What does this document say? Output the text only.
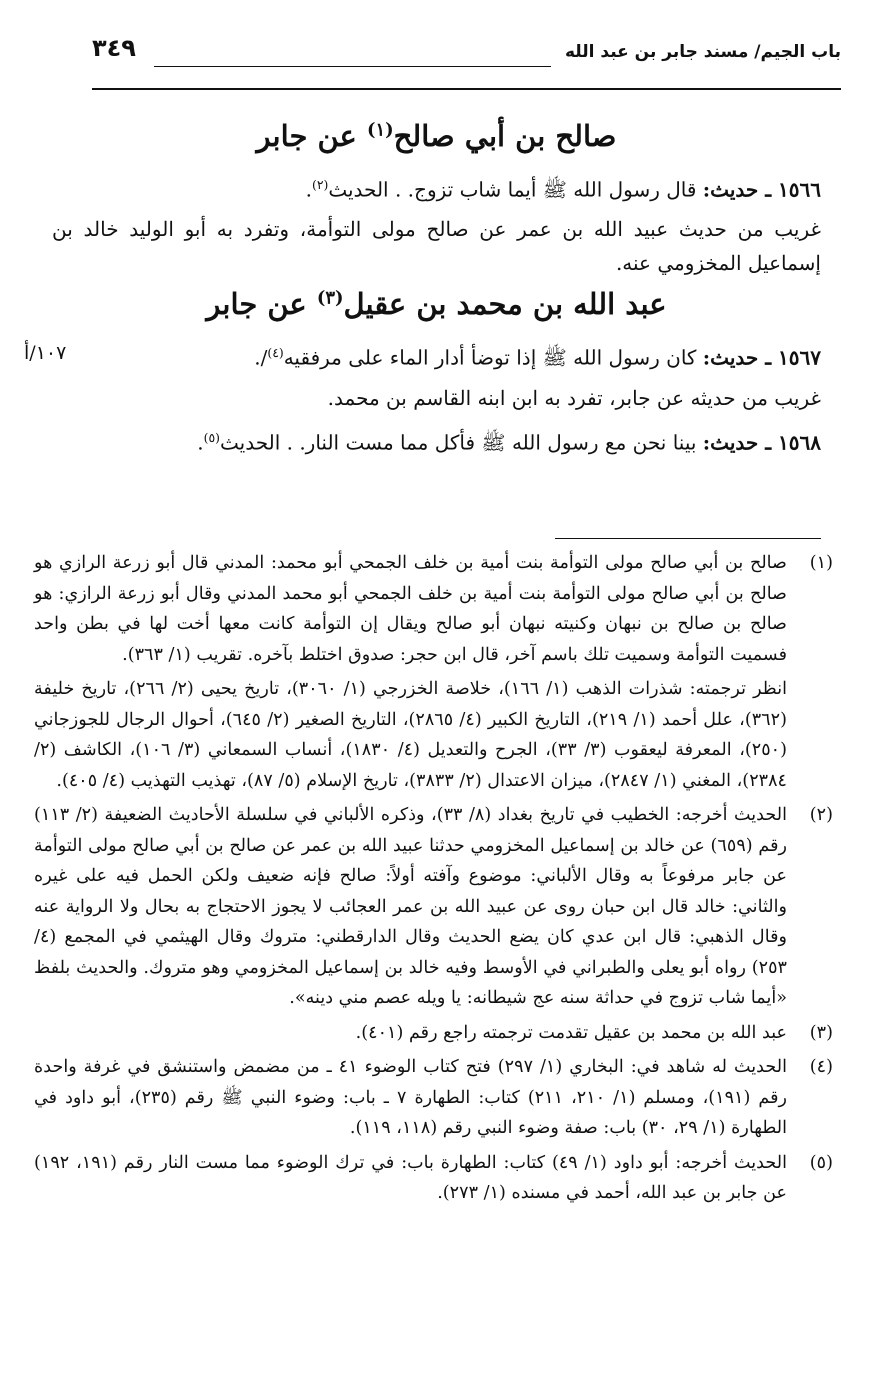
باب الجيم/ مسند جابر بن عبد الله
٣٤٩
صالح بن أبي صالح$^{(١)}$ عن جابر

١٥٦٦ ـ حديث: قال رسول الله ﷺ أيما شاب تزوج. . الحديث$^{(٢)}$.

غريب من حديث عبيد الله بن عمر عن صالح مولى التوأمة، وتفرد به أبو الوليد خالد بن إسماعيل المخزومي عنه.

عبد الله بن محمد بن عقيل$^{(٣)}$ عن جابر

١٥٦٧ ـ حديث: كان رسول الله ﷺ إذا توضأ أدار الماء على مرفقيه$^{(٤)}$/.
١٠٧/أ

غريب من حديثه عن جابر، تفرد به ابن ابنه القاسم بن محمد.

١٥٦٨ ـ حديث: بينا نحن مع رسول الله ﷺ فأكل مما مست النار. . الحديث$^{(٥)}$.

(١)
صالح بن أبي صالح مولى التوأمة بنت أمية بن خلف الجمحي أبو محمد: المدني قال أبو زرعة الرازي هو صالح بن أبي صالح مولى التوأمة بنت أمية بن خلف الجمحي أبو محمد المدني وقال أبو زرعة الرازي: هو صالح بن صالح بن نبهان وكنيته نبهان أبو صالح ويقال إن التوأمة كانت معها أخت لها في بطن واحد فسميت التوأمة وسميت تلك باسم آخر، قال ابن حجر: صدوق اختلط بآخره. تقريب (١/ ٣٦٣).
انظر ترجمته: شذرات الذهب (١/ ١٦٦)، خلاصة الخزرجي (١/ ٣٠٦٠)، تاريخ يحيى (٢/ ٢٦٦)، تاريخ خليفة (٣٦٢)، علل أحمد (١/ ٢١٩)، التاريخ الكبير (٤/ ٢٨٦٥)، التاريخ الصغير (٢/ ٦٤٥)، أحوال الرجال للجوزجاني (٢٥٠)، المعرفة ليعقوب (٣/ ٣٣)، الجرح والتعديل (٤/ ١٨٣٠)، أنساب السمعاني (٣/ ١٠٦)، الكاشف (٢/ ٢٣٨٤)، المغني (١/ ٢٨٤٧)، ميزان الاعتدال (٢/ ٣٨٣٣)، تاريخ الإسلام (٥/ ٨٧)، تهذيب التهذيب (٤/ ٤٠٥).
(٢)
الحديث أخرجه: الخطيب في تاريخ بغداد (٨/ ٣٣)، وذكره الألباني في سلسلة الأحاديث الضعيفة (٢/ ١١٣) رقم (٦٥٩) عن خالد بن إسماعيل المخزومي حدثنا عبيد الله بن عمر عن صالح بن أبي صالح مولى التوأمة عن جابر مرفوعاً به وقال الألباني: موضوع وآفته أولاً: صالح فإنه ضعيف ولكن الحمل فيه على غيره والثاني: خالد قال ابن حبان روى عن عبيد الله بن عمر العجائب لا يجوز الاحتجاج به بحال ولا الرواية عنه وقال الذهبي: قال ابن عدي كان يضع الحديث وقال الدارقطني: متروك وقال الهيثمي في المجمع (٤/ ٢٥٣) رواه أبو يعلى والطبراني في الأوسط وفيه خالد بن إسماعيل المخزومي وهو متروك. والحديث بلفظ «أيما شاب تزوج في حداثة سنه عج شيطانه: يا ويله عصم مني دينه».
(٣)
عبد الله بن محمد بن عقيل تقدمت ترجمته راجع رقم (٤٠١).
(٤)
الحديث له شاهد في: البخاري (١/ ٢٩٧) فتح كتاب الوضوء ٤١ ـ من مضمض واستنشق في غرفة واحدة رقم (١٩١)، ومسلم (١/ ٢١٠، ٢١١) كتاب: الطهارة ٧ ـ باب: وضوء النبي ﷺ رقم (٢٣٥)، أبو داود في الطهارة (١/ ٢٩، ٣٠) باب: صفة وضوء النبي رقم (١١٨، ١١٩).
(٥)
الحديث أخرجه: أبو داود (١/ ٤٩) كتاب: الطهارة باب: في ترك الوضوء مما مست النار رقم (١٩١، ١٩٢) عن جابر بن عبد الله، أحمد في مسنده (١/ ٢٧٣).
